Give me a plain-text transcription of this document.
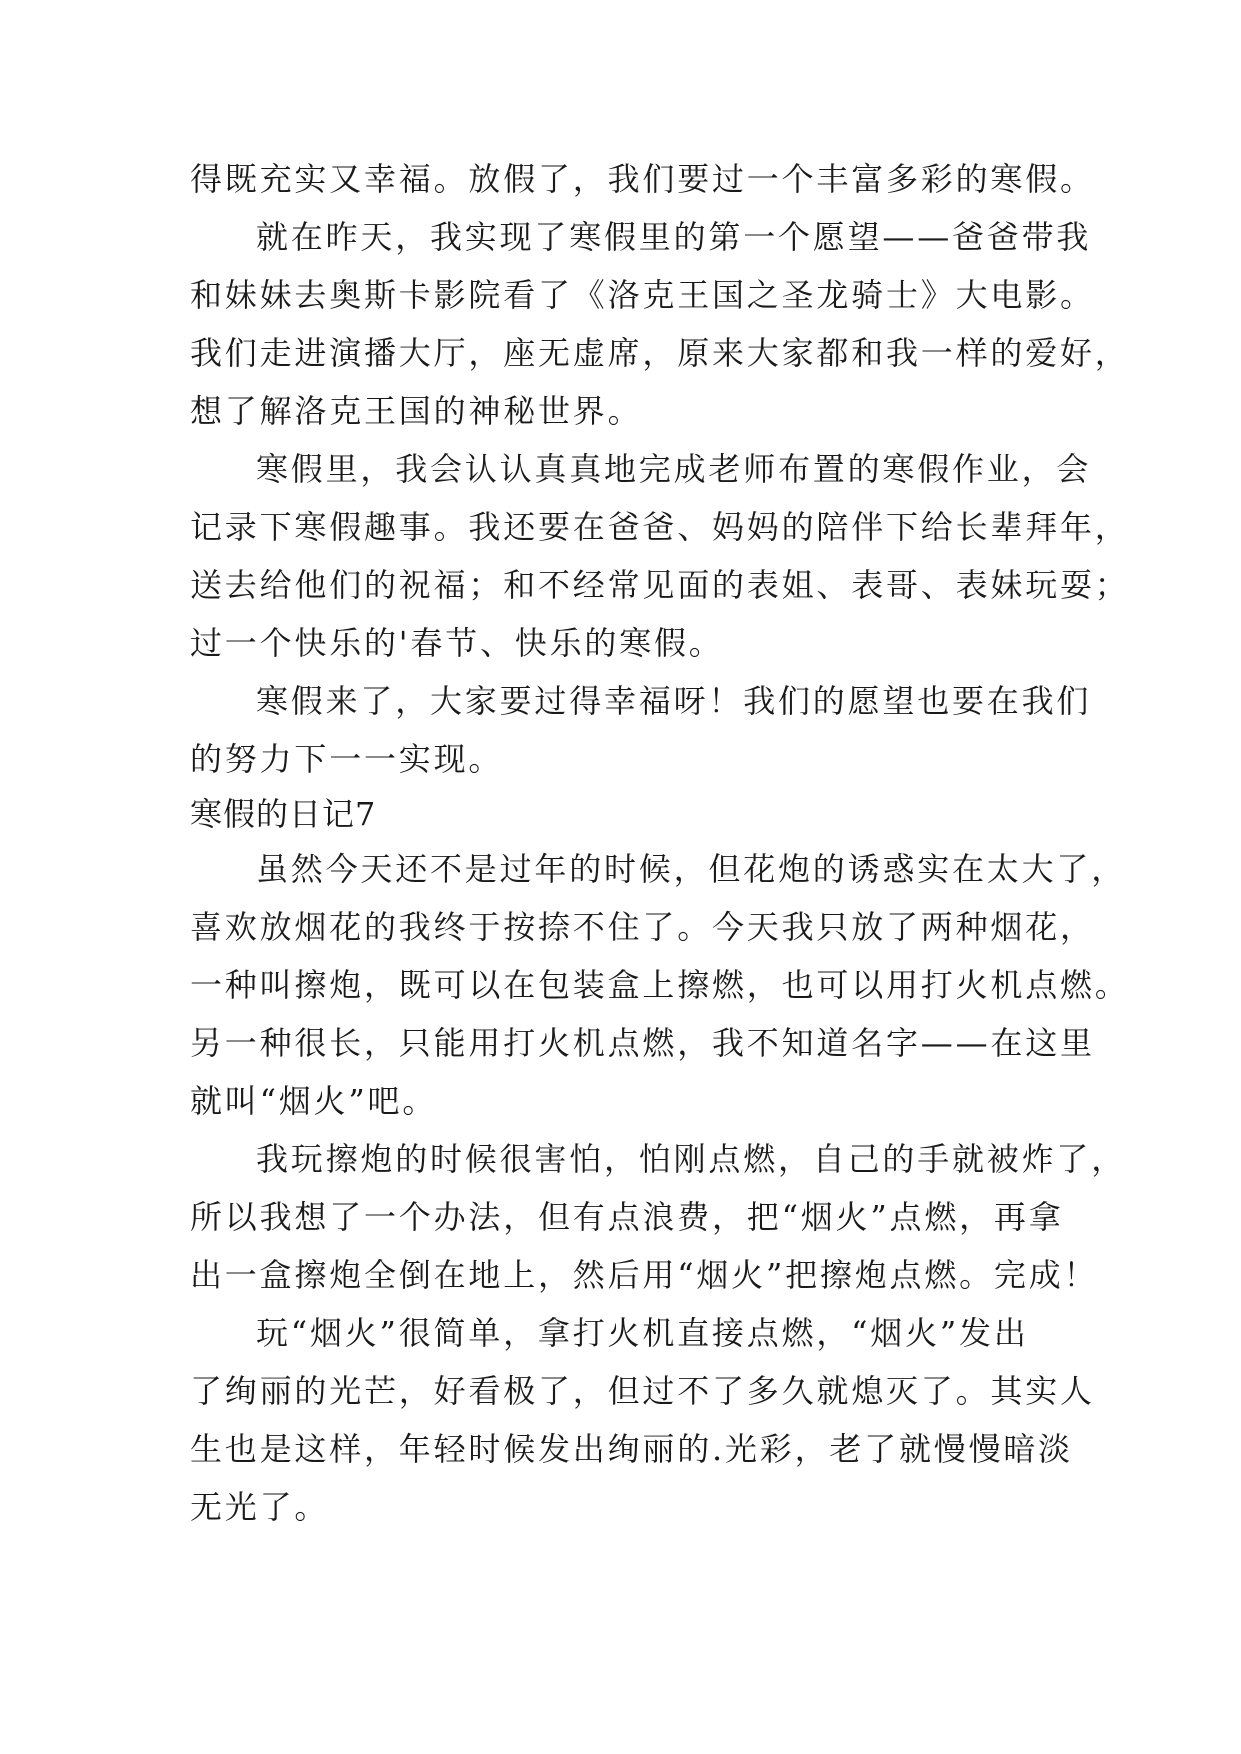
得既充实又幸福。放假了，我们要过一个丰富多彩的寒假。
就在昨天，我实现了寒假里的第一个愿望——爸爸带我
和妹妹去奥斯卡影院看了《洛克王国之圣龙骑士》大电影。
我们走进演播大厅，座无虚席，原来大家都和我一样的爱好，
想了解洛克王国的神秘世界。
寒假里，我会认认真真地完成老师布置的寒假作业，会
记录下寒假趣事。我还要在爸爸、妈妈的陪伴下给长辈拜年，
送去给他们的祝福；和不经常见面的表姐、表哥、表妹玩耍；
过一个快乐的'春节、快乐的寒假。
寒假来了，大家要过得幸福呀！我们的愿望也要在我们
的努力下一一实现。
寒假的日记7
虽然今天还不是过年的时候，但花炮的诱惑实在太大了，
喜欢放烟花的我终于按捺不住了。今天我只放了两种烟花，
一种叫擦炮，既可以在包装盒上擦燃，也可以用打火机点燃。
另一种很长，只能用打火机点燃，我不知道名字——在这里
就叫“烟火”吧。
我玩擦炮的时候很害怕，怕刚点燃，自己的手就被炸了，
所以我想了一个办法，但有点浪费，把“烟火”点燃，再拿
出一盒擦炮全倒在地上，然后用“烟火”把擦炮点燃。完成！
玩“烟火”很简单，拿打火机直接点燃，“烟火”发出
了绚丽的光芒，好看极了，但过不了多久就熄灭了。其实人
生也是这样，年轻时候发出绚丽的.光彩，老了就慢慢暗淡
无光了。
